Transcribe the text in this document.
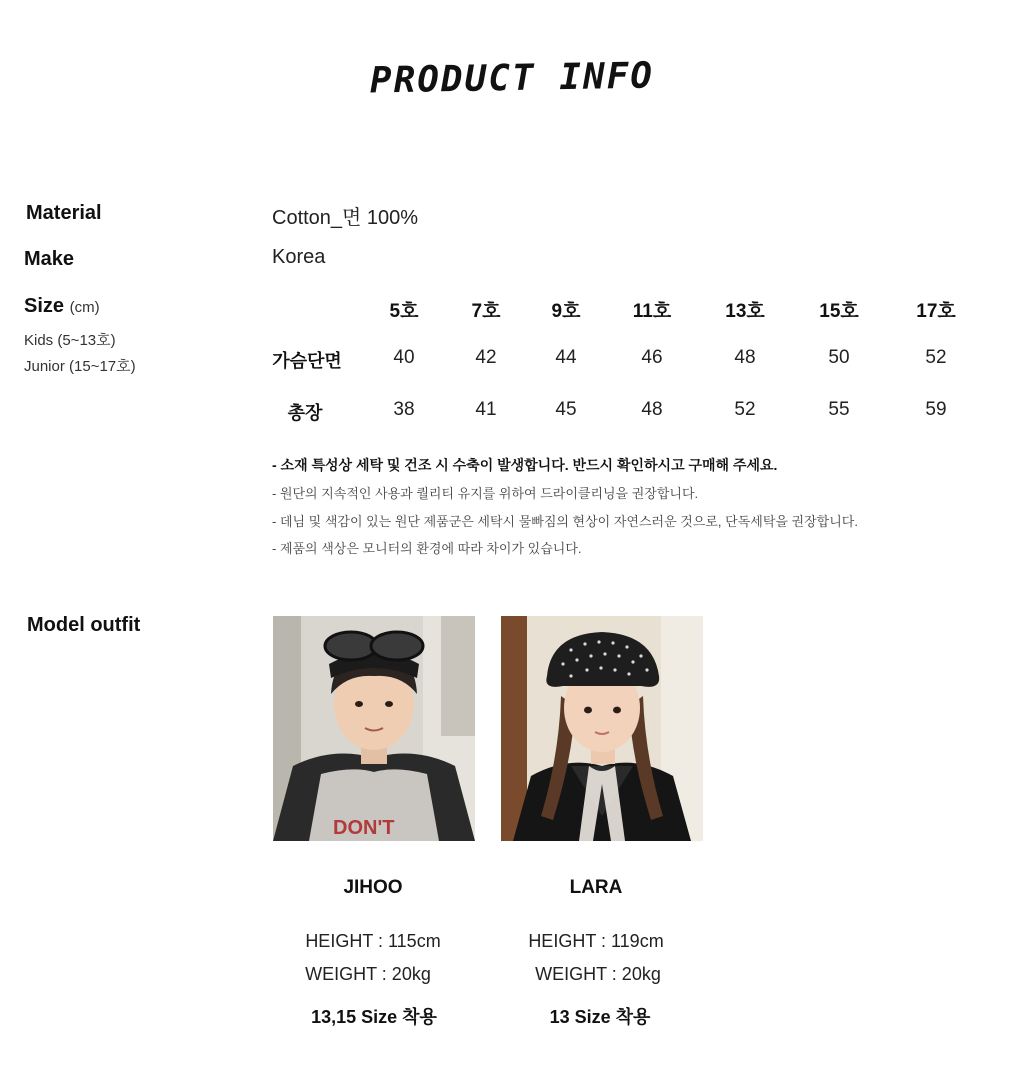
PRODUCT INFO
Material	Cotton_면 100%
Make	Korea
Size (cm)
Kids (5~13호)
Junior (15~17호)
5호	7호	9호	11호	13호	15호	17호
가슴단면	40	42	44	46	48	50	52
총장	38	41	45	48	52	55	59
- 소재 특성상 세탁 및 건조 시 수축이 발생합니다. 반드시 확인하시고 구매해 주세요.
- 원단의 지속적인 사용과 퀄리티 유지를 위하여 드라이클리닝을 권장합니다.
- 데님 및 색감이 있는 원단 제품군은 세탁시 물빠짐의 현상이 자연스러운 것으로, 단독세탁을 권장합니다.
- 제품의 색상은 모니터의 환경에 따라 차이가 있습니다.
Model outfit
DON'T
JIHOO
HEIGHT : 115cm
WEIGHT : 20kg
13,15 Size 착용
LARA
HEIGHT : 119cm
WEIGHT : 20kg
13 Size 착용
